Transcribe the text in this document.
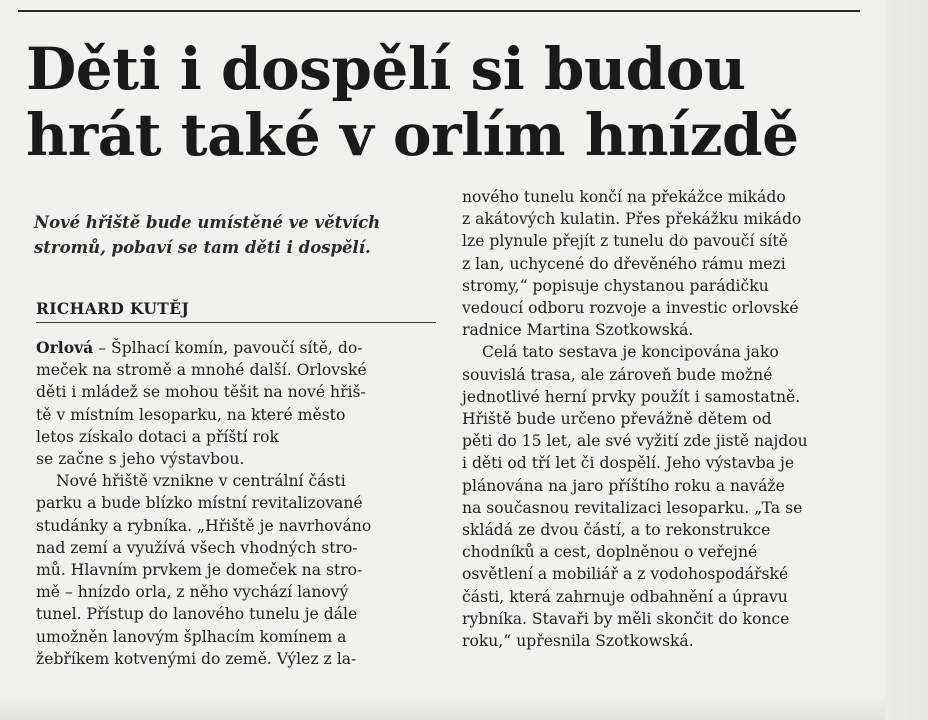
Děti i dospělí si budou
hrát také v orlím hnízdě
Nové hřiště bude umístěné ve větvích
stromů, pobaví se tam děti i dospělí.
RICHARD KUTĚJ
Orlová – Šplhací komín, pavoučí sítě, do-
meček na stromě a mnohé další. Orlovské
děti i mládež se mohou těšit na nové hřiš-
tě v místním lesoparku, na které město
letos získalo dotaci a příští rok
se začne s jeho výstavbou.
Nové hřiště vznikne v centrální části
parku a bude blízko místní revitalizované
studánky a rybníka. „Hřiště je navrhováno
nad zemí a využívá všech vhodných stro-
mů. Hlavním prvkem je domeček na stro-
mě – hnízdo orla, z něho vychází lanový
tunel. Přístup do lanového tunelu je dále
umožněn lanovým šplhacím komínem a
žebříkem kotvenými do země. Výlez z la-
nového tunelu končí na překážce mikádo
z akátových kulatin. Přes překážku mikádo
lze plynule přejít z tunelu do pavoučí sítě
z lan, uchycené do dřevěného rámu mezi
stromy,“ popisuje chystanou parádičku
vedoucí odboru rozvoje a investic orlovské
radnice Martina Szotkowská.
Celá tato sestava je koncipována jako
souvislá trasa, ale zároveň bude možné
jednotlivé herní prvky použít i samostatně.
Hřiště bude určeno převážně dětem od
pěti do 15 let, ale své vyžití zde jistě najdou
i děti od tří let či dospělí. Jeho výstavba je
plánována na jaro příštího roku a naváže
na současnou revitalizaci lesoparku. „Ta se
skládá ze dvou částí, a to rekonstrukce
chodníků a cest, doplněnou o veřejné
osvětlení a mobiliář a z vodohospodářské
části, která zahrnuje odbahnění a úpravu
rybníka. Stavaři by měli skončit do konce
roku,“ upřesnila Szotkowská.
